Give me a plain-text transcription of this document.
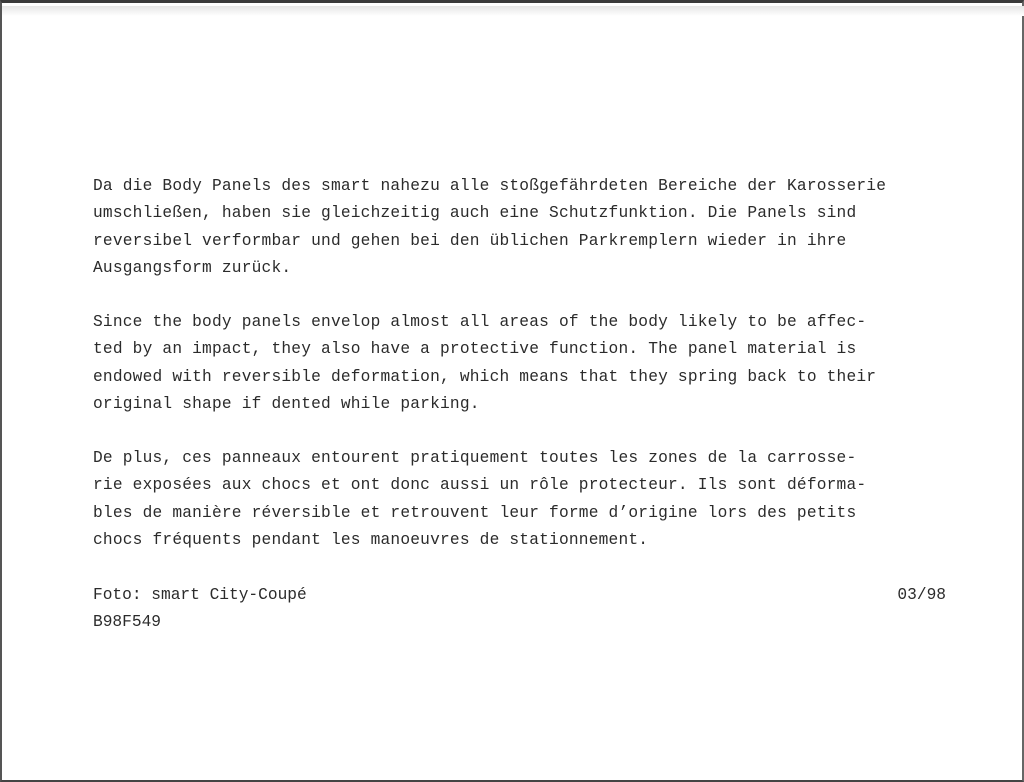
Da die Body Panels des smart nahezu alle stoßgefährdeten Bereiche der Karosserie

umschließen, haben sie gleichzeitig auch eine Schutzfunktion. Die Panels sind

reversibel verformbar und gehen bei den üblichen Parkremplern wieder in ihre

Ausgangsform zurück.

Since the body panels envelop almost all areas of the body likely to be affec-

ted by an impact, they also have a protective function. The panel material is

endowed with reversible deformation, which means that they spring back to their

original shape if dented while parking.

De plus, ces panneaux entourent pratiquement toutes les zones de la carrosse-

rie exposées aux chocs et ont donc aussi un rôle protecteur. Ils sont déforma-

bles de manière réversible et retrouvent leur forme d’origine lors des petits

chocs fréquents pendant les manoeuvres de stationnement.

Foto: smart City-Coupé	03/98
B98F549
